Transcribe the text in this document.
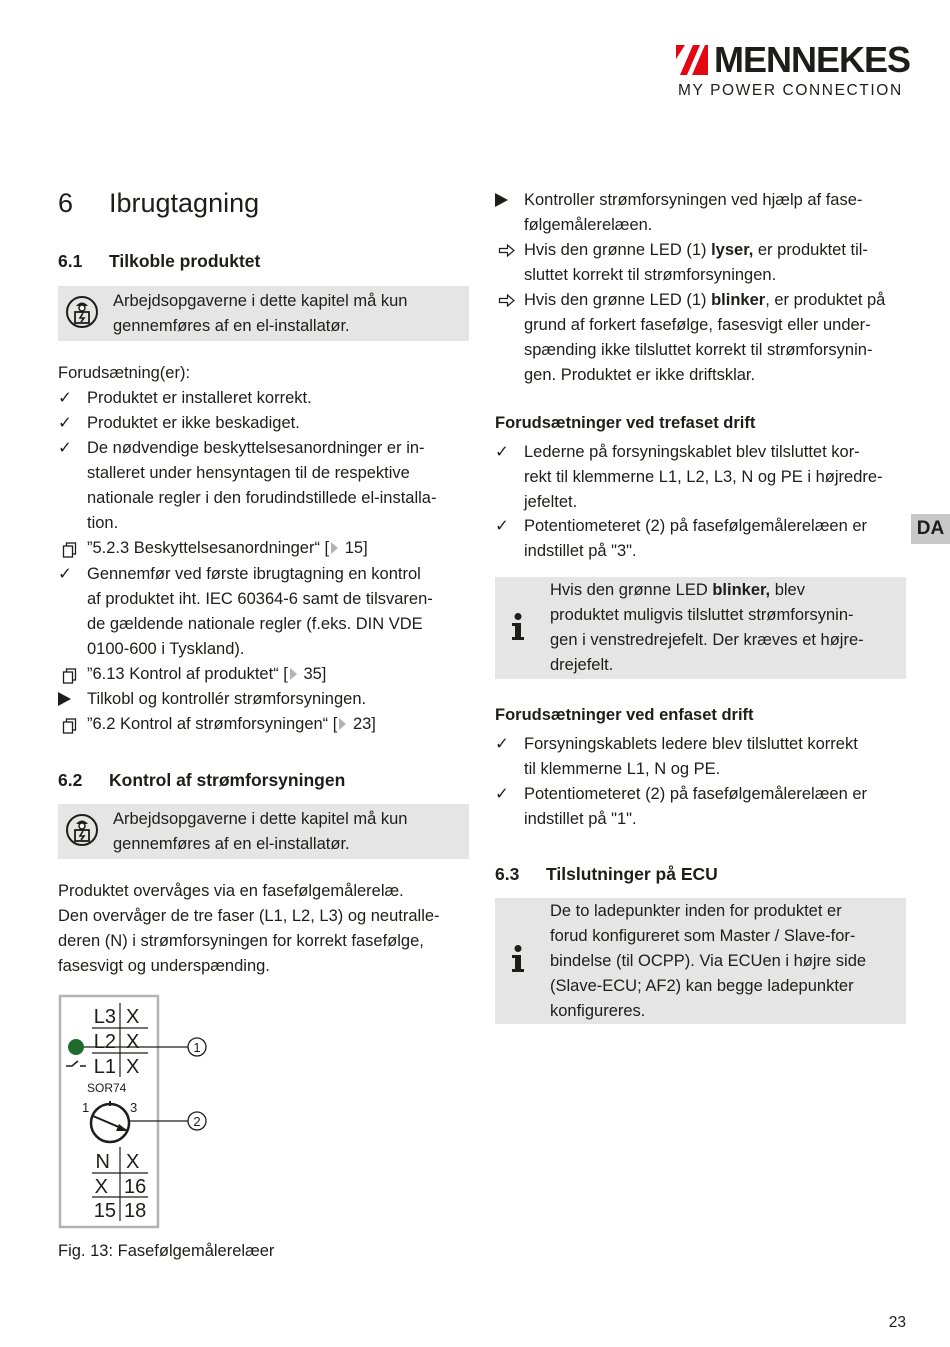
MENNEKES
MY POWER CONNECTION
DA
6 Ibrugtagning
6.1 Tilkoble produktet
Arbejdsopgaverne i dette kapitel må kun
gennemføres af en el-installatør.
Forudsætning(er):
✓ Produktet er installeret korrekt.
✓ Produktet er ikke beskadiget.
✓ De nødvendige beskyttelsesanordninger er in-
stalleret under hensyntagen til de respektive
nationale regler i den forudindstillede el-installa-
tion.
”5.2.3 Beskyttelsesanordninger“ [ 15]
✓ Gennemfør ved første ibrugtagning en kontrol
af produktet iht. IEC 60364-6 samt de tilsvaren-
de gældende nationale regler (f.eks. DIN VDE
0100-600 i Tyskland).
”6.13 Kontrol af produktet“ [ 35]
Tilkobl og kontrollér strømforsyningen.
”6.2 Kontrol af strømforsyningen“ [ 23]
6.2 Kontrol af strømforsyningen
Arbejdsopgaverne i dette kapitel må kun
gennemføres af en el-installatør.
Produktet overvåges via en fasefølgemålerelæ.
Den overvåger de tre faser (L1, L2, L3) og neutralle-
deren (N) i strømforsyningen for korrekt fasefølge,
fasesvigt og underspænding.
L3 X
L2 X
L1 X
SOR74
1	3
N X
X 16
15 18
1
2
Fig. 13: Fasefølgemålerelæer
Kontroller strømforsyningen ved hjælp af fase-
følgemålerelæen.
Hvis den grønne LED (1) lyser, er produktet til-
sluttet korrekt til strømforsyningen.
Hvis den grønne LED (1) blinker, er produktet på
grund af forkert fasefølge, fasesvigt eller under-
spænding ikke tilsluttet korrekt til strømforsynin-
gen. Produktet er ikke driftsklar.
Forudsætninger ved trefaset drift
✓ Lederne på forsyningskablet blev tilsluttet kor-
rekt til klemmerne L1, L2, L3, N og PE i højredre-
jefeltet.
✓ Potentiometeret (2) på fasefølgemålerelæen er
indstillet på "3".
Hvis den grønne LED blinker, blev
produktet muligvis tilsluttet strømforsynin-
gen i venstredrejefelt. Der kræves et højre-
drejefelt.
Forudsætninger ved enfaset drift
✓ Forsyningskablets ledere blev tilsluttet korrekt
til klemmerne L1, N og PE.
✓ Potentiometeret (2) på fasefølgemålerelæen er
indstillet på "1".
6.3 Tilslutninger på ECU
De to ladepunkter inden for produktet er
forud konfigureret som Master / Slave-for-
bindelse (til OCPP). Via ECUen i højre side
(Slave-ECU; AF2) kan begge ladepunkter
konfigureres.
23
